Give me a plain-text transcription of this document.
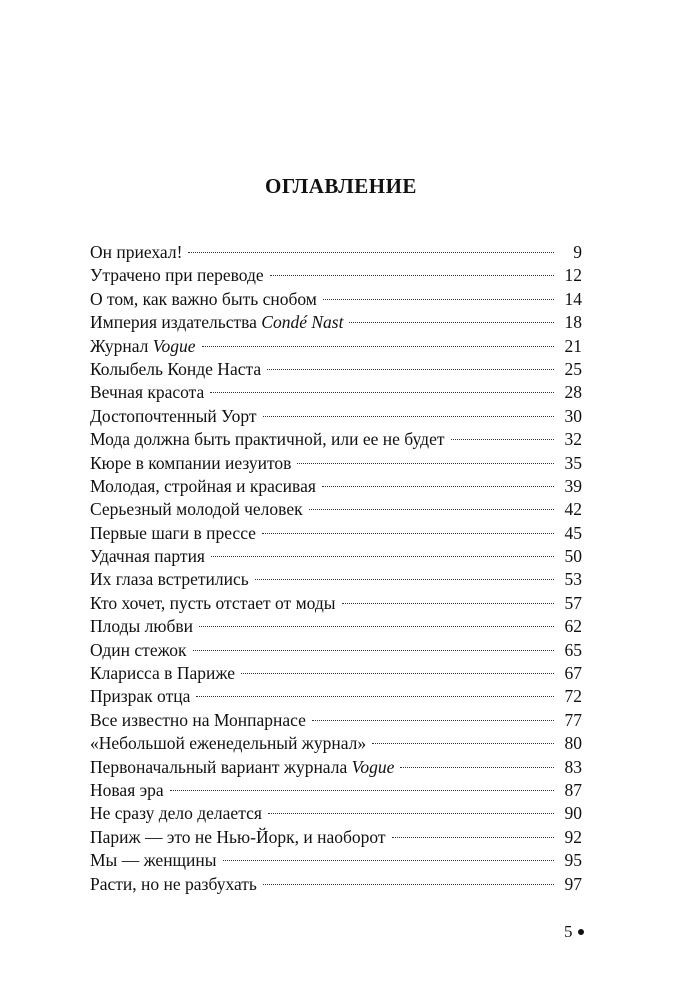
ОГЛАВЛЕНИЕ
Он приехал!	9
Утрачено при переводе	12
О том, как важно быть снобом	14
Империя издательства Condé Nast	18
Журнал Vogue	21
Колыбель Конде Наста	25
Вечная красота	28
Достопочтенный Уорт	30
Мода должна быть практичной, или ее не будет	32
Кюре в компании иезуитов	35
Молодая, стройная и красивая	39
Серьезный молодой человек	42
Первые шаги в прессе	45
Удачная партия	50
Их глаза встретились	53
Кто хочет, пусть отстает от моды	57
Плоды любви	62
Один стежок	65
Кларисса в Париже	67
Призрак отца	72
Все известно на Монпарнасе	77
«Небольшой еженедельный журнал»	80
Первоначальный вариант журнала Vogue	83
Новая эра	87
Не сразу дело делается	90
Париж — это не Нью-Йорк, и наоборот	92
Мы — женщины	95
Расти, но не разбухать	97
5
